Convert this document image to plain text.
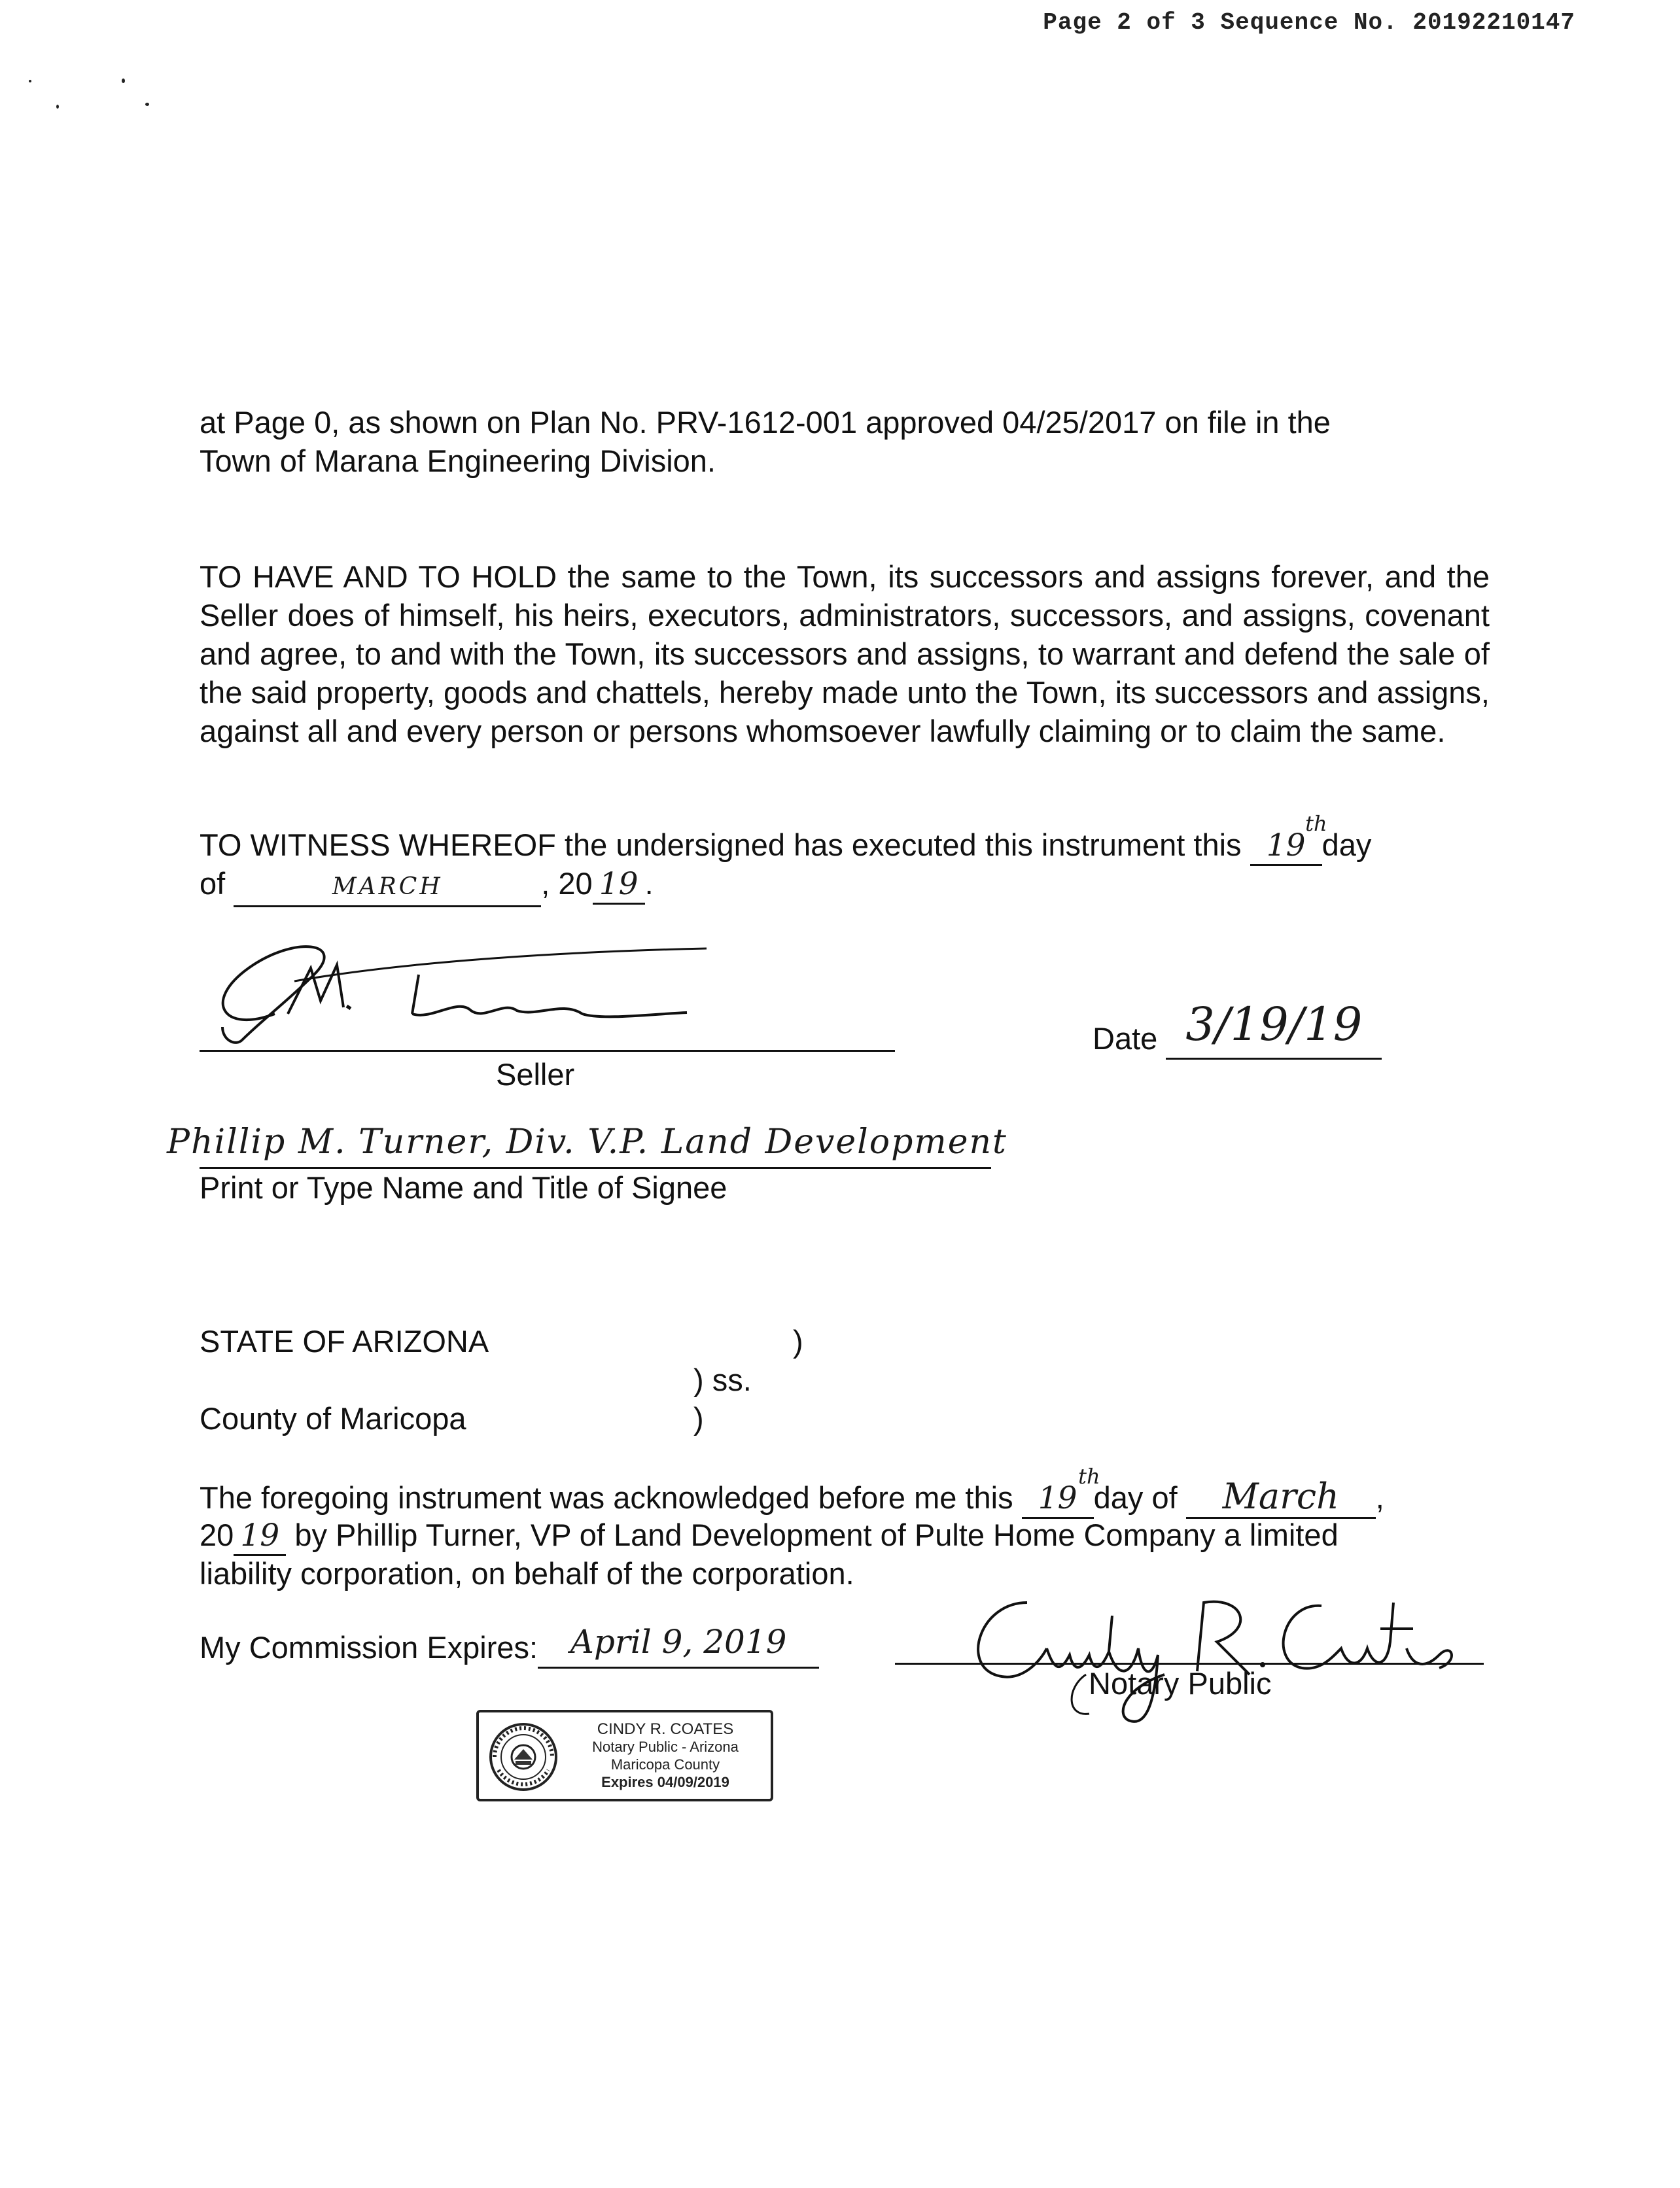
Page 2 of 3 Sequence No. 20192210147
at Page 0, as shown on Plan No. PRV-1612-001 approved 04/25/2017 on file in the
Town of Marana Engineering Division.
TO HAVE AND TO HOLD the same to the Town, its successors and assigns forever, and the Seller does of himself, his heirs, executors, administrators, successors, and assigns, covenant and agree, to and with the Town, its successors and assigns, to warrant and defend the sale of the said property, goods and chattels, hereby made unto the Town, its successors and assigns, against all and every person or persons whomsoever lawfully claiming or to claim the same.
TO WITNESS WHEREOF the undersigned has executed this instrument this 19
th
day
of	MARCH	, 20 19 .
Seller
Date 3/19/19
Phillip M. Turner, Div. V.P. Land Development
Print or Type Name and Title of Signee
STATE OF ARIZONA	)
) ss.
County of Maricopa	)
The foregoing instrument was acknowledged before me this 19
th
day of March ,
20 19 by Phillip Turner, VP of Land Development of Pulte Home Company a limited
liability corporation, on behalf of the corporation.
My Commission Expires: April 9, 2019
Notary Public
CINDY R. COATES
Notary Public - Arizona
Maricopa County
Expires 04/09/2019
